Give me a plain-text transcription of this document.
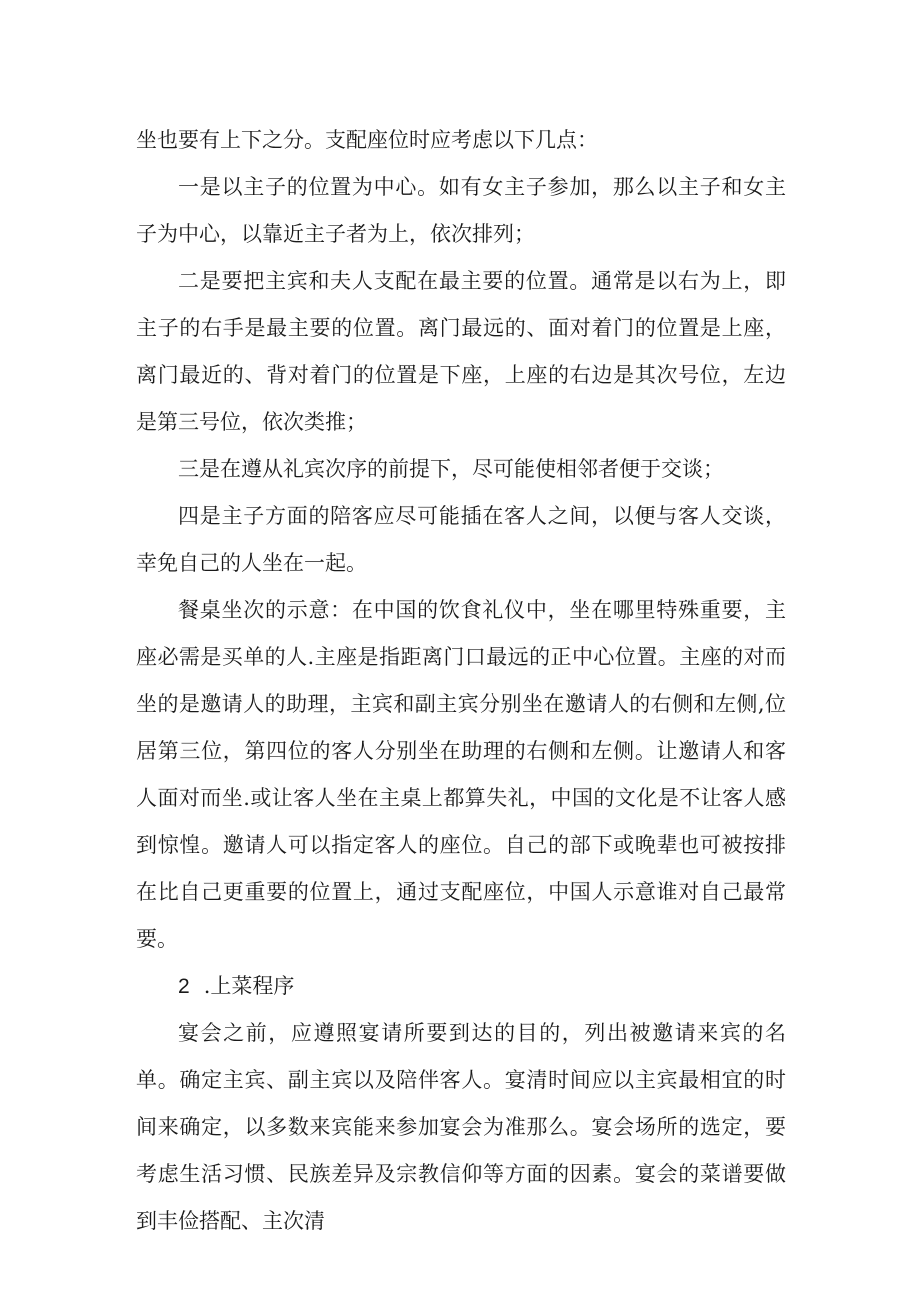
坐也要有上下之分。支配座位时应考虑以下几点：

一是以主子的位置为中心。如有女主子参加，那么以主子和女主子为中心，以靠近主子者为上，依次排列；

二是要把主宾和夫人支配在最主要的位置。通常是以右为上，即主子的右手是最主要的位置。离门最远的、面对着门的位置是上座，离门最近的、背对着门的位置是下座，上座的右边是其次号位，左边是第三号位，依次类推；

三是在遵从礼宾次序的前提下，尽可能使相邻者便于交谈；

四是主子方面的陪客应尽可能插在客人之间，以便与客人交谈，幸免自己的人坐在一起。

餐桌坐次的示意：在中国的饮食礼仪中，坐在哪里特殊重要，主座必需是买单的人.主座是指距离门口最远的正中心位置。主座的对而坐的是邀请人的助理，主宾和副主宾分别坐在邀请人的右侧和左侧,位居第三位，第四位的客人分别坐在助理的右侧和左侧。让邀请人和客人面对而坐.或让客人坐在主桌上都算失礼，中国的文化是不让客人感到惊惶。邀请人可以指定客人的座位。自己的部下或晚辈也可被按排在比自己更重要的位置上，通过支配座位，中国人示意谁对自己最常要。

2 .上菜程序

宴会之前，应遵照宴请所要到达的目的，列出被邀请来宾的名单。确定主宾、副主宾以及陪伴客人。宴清时间应以主宾最相宜的时间来确定，以多数来宾能来参加宴会为准那么。宴会场所的选定，要考虑生活习惯、民族差异及宗教信仰等方面的因素。宴会的菜谱要做到丰俭搭配、主次清
